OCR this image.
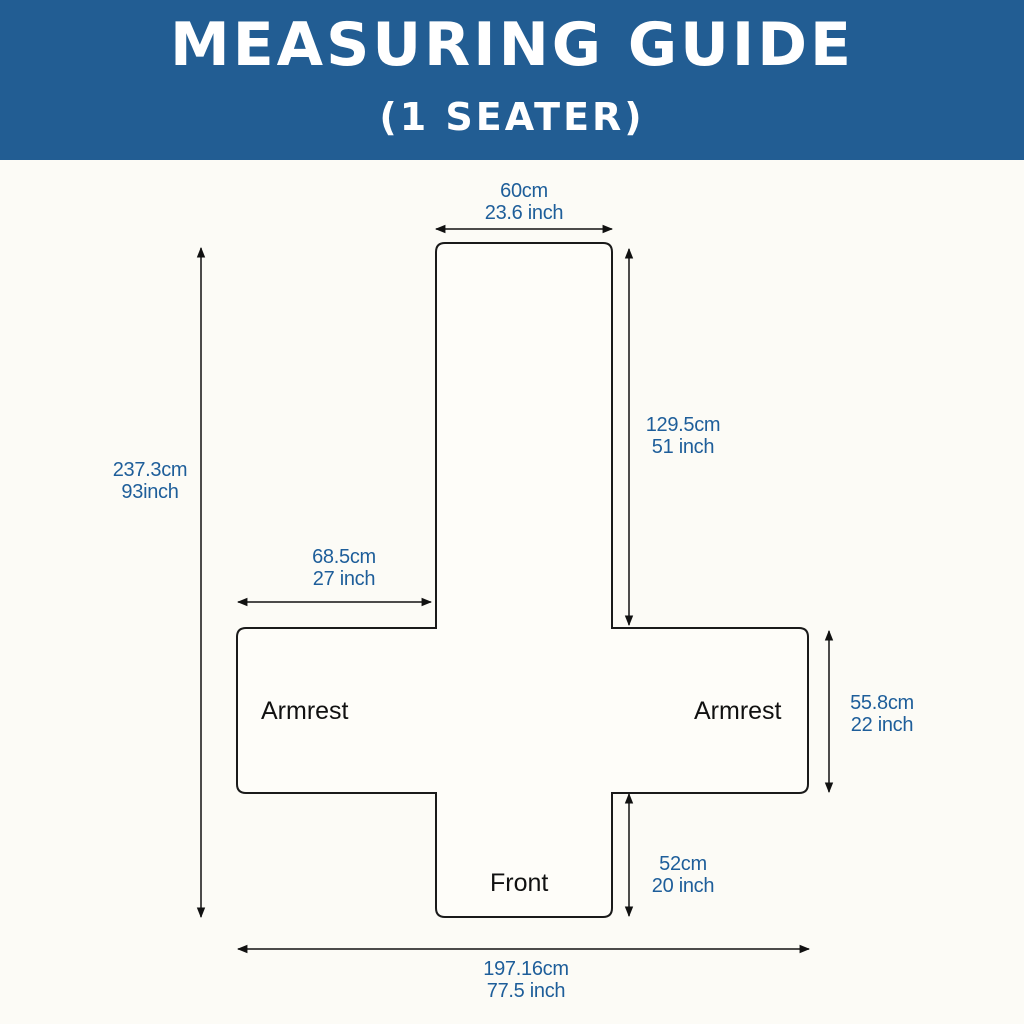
MEASURING GUIDE
(1 SEATER)
60cm
23.6 inch
129.5cm
51 inch
237.3cm
93inch
68.5cm
27 inch
55.8cm
22 inch
52cm
20 inch
197.16cm
77.5 inch
Armrest	Armrest
Front
